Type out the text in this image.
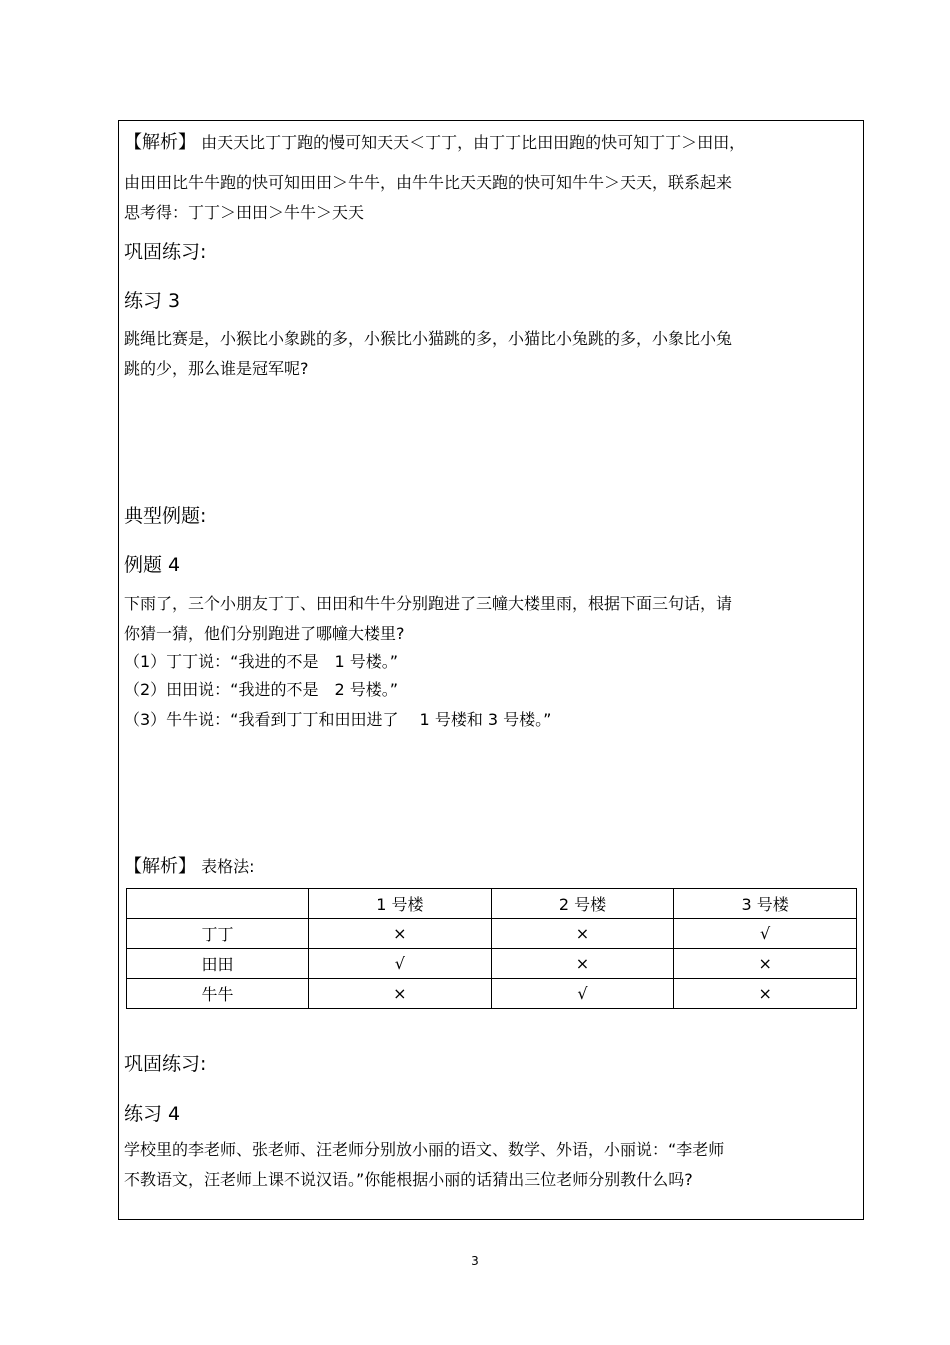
【解析】 由天天比丁丁跑的慢可知天天＜丁丁，由丁丁比田田跑的快可知丁丁＞田田，
由田田比牛牛跑的快可知田田＞牛牛，由牛牛比天天跑的快可知牛牛＞天天，联系起来
思考得：丁丁＞田田＞牛牛＞天天
巩固练习:
练习 3
跳绳比赛是，小猴比小象跳的多，小猴比小猫跳的多，小猫比小兔跳的多，小象比小兔
跳的少，那么谁是冠军呢?
典型例题:
例题 4
下雨了，三个小朋友丁丁、田田和牛牛分别跑进了三幢大楼里雨，根据下面三句话，请
你猜一猜，他们分别跑进了哪幢大楼里?
（1）丁丁说：“我进的不是　1 号楼。”
（2）田田说：“我进的不是　2 号楼。”
（3）牛牛说：“我看到丁丁和田田进了　 1 号楼和 3 号楼。”
【解析】 表格法:
	1 号楼	2 号楼	3 号楼
丁丁	×	×	√
田田	√	×	×
牛牛	×	√	×
巩固练习:
练习 4
学校里的李老师、张老师、汪老师分别放小丽的语文、数学、外语，小丽说：“李老师
不教语文，汪老师上课不说汉语。”你能根据小丽的话猜出三位老师分别教什么吗?
3
